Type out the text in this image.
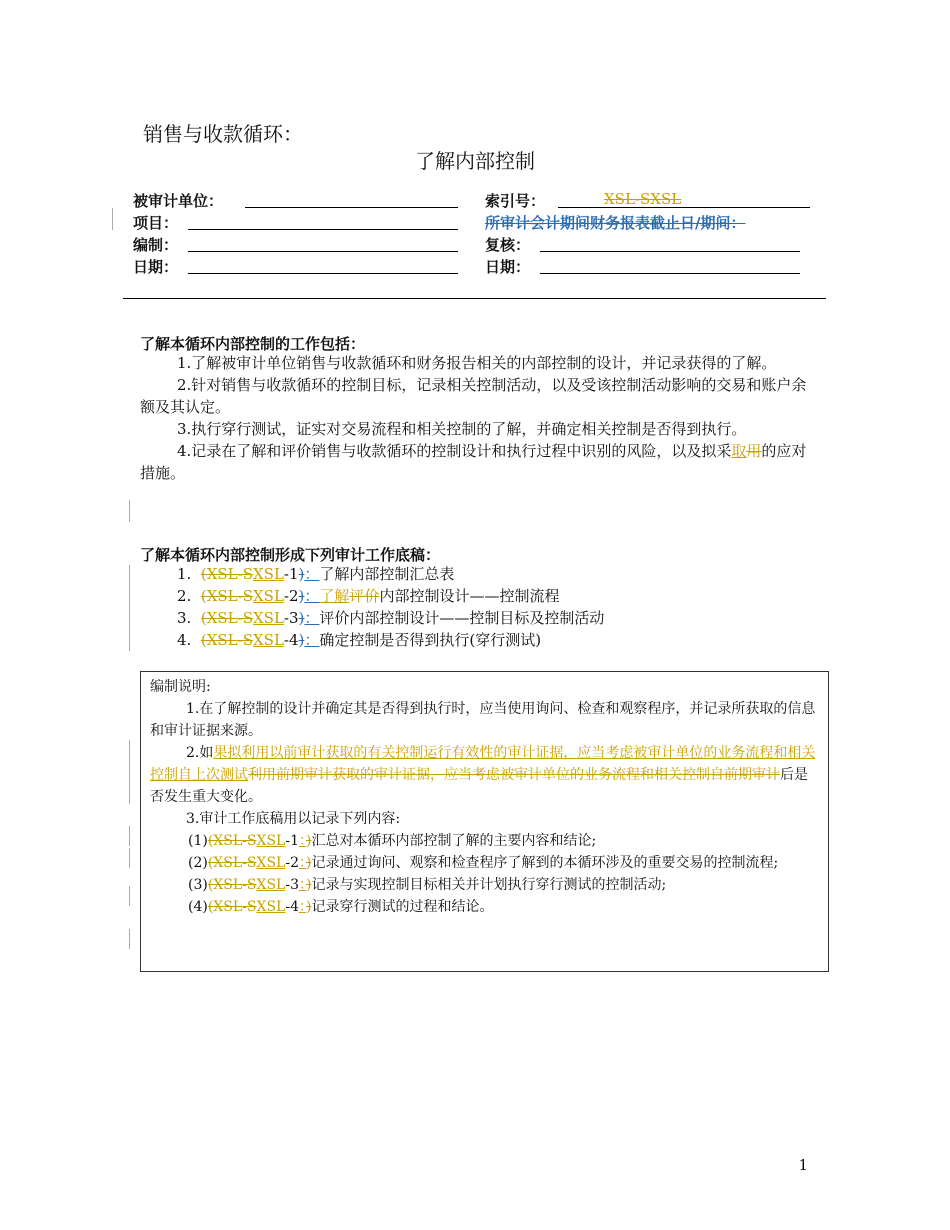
销售与收款循环：
了解内部控制
被审计单位：
项目：
编制：
日期：
索引号：	XSL-SXSL
所审计会计期间财务报表截止日/期间：
复核：
日期：
了解本循环内部控制的工作包括：
1.了解被审计单位销售与收款循环和财务报告相关的内部控制的设计，并记录获得的了解。
2.针对销售与收款循环的控制目标，记录相关控制活动，以及受该控制活动影响的交易和账户余额及其认定。
3.执行穿行测试，证实对交易流程和相关控制的了解，并确定相关控制是否得到执行。
4.记录在了解和评价销售与收款循环的控制设计和执行过程中识别的风险，以及拟采取用的应对措施。
了解本循环内部控制形成下列审计工作底稿：
1. (XSL-SXSL-1)：了解内部控制汇总表
2. (XSL-SXSL-2)：了解评价内部控制设计——控制流程
3. (XSL-SXSL-3)：评价内部控制设计——控制目标及控制活动
4. (XSL-SXSL-4)：确定控制是否得到执行(穿行测试)
编制说明:
1.在了解控制的设计并确定其是否得到执行时，应当使用询问、检查和观察程序，并记录所获取的信息和审计证据来源。
2.如果拟利用以前审计获取的有关控制运行有效性的审计证据，应当考虑被审计单位的业务流程和相关控制自上次测试利用前期审计获取的审计证据，应当考虑被审计单位的业务流程和相关控制自前期审计后是否发生重大变化。
3.审计工作底稿用以记录下列内容:
(1)(XSL-SXSL-1：)汇总对本循环内部控制了解的主要内容和结论;
(2)(XSL-SXSL-2：)记录通过询问、观察和检查程序了解到的本循环涉及的重要交易的控制流程;
(3)(XSL-SXSL-3：)记录与实现控制目标相关并计划执行穿行测试的控制活动;
(4)(XSL-SXSL-4：)记录穿行测试的过程和结论。
1
